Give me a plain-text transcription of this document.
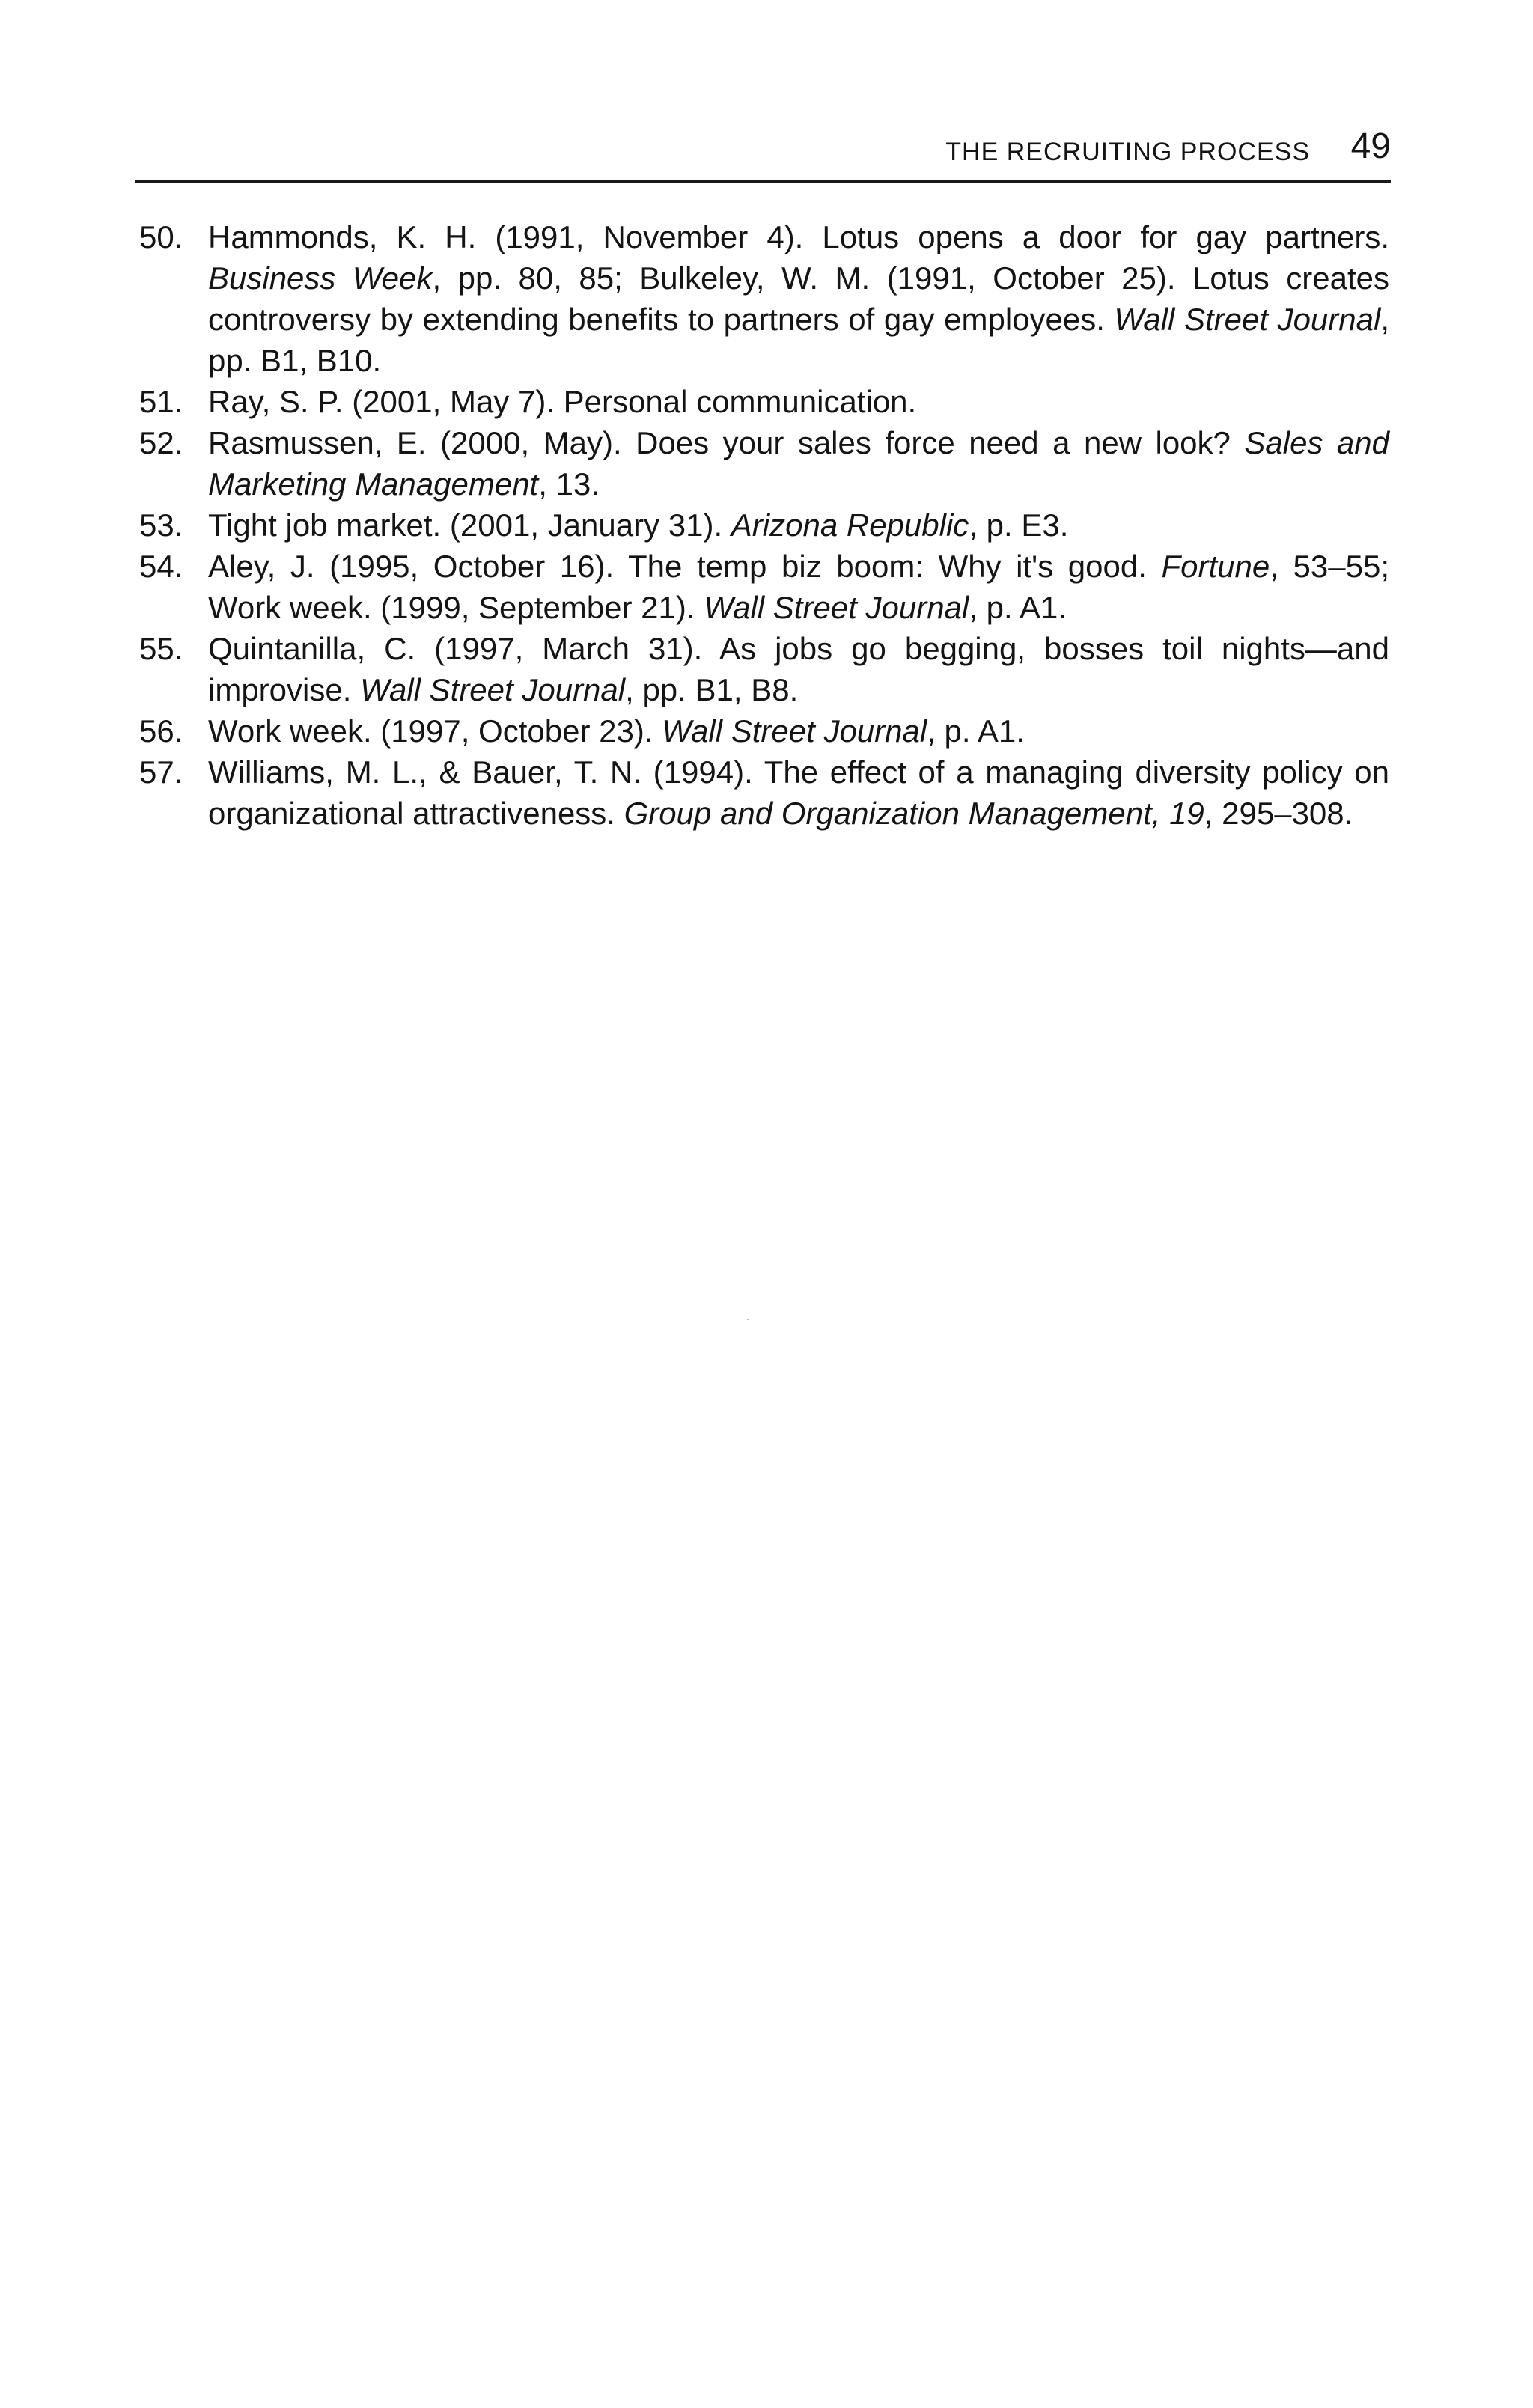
THE RECRUITING PROCESS 49
50. Hammonds, K. H. (1991, November 4). Lotus opens a door for gay partners. Business Week, pp. 80, 85; Bulkeley, W. M. (1991, October 25). Lotus creates controversy by extending benefits to partners of gay employees. Wall Street Journal, pp. B1, B10.
51. Ray, S. P. (2001, May 7). Personal communication.
52. Rasmussen, E. (2000, May). Does your sales force need a new look? Sales and Marketing Management, 13.
53. Tight job market. (2001, January 31). Arizona Republic, p. E3.
54. Aley, J. (1995, October 16). The temp biz boom: Why it's good. Fortune, 53–55; Work week. (1999, September 21). Wall Street Journal, p. A1.
55. Quintanilla, C. (1997, March 31). As jobs go begging, bosses toil nights—and improvise. Wall Street Journal, pp. B1, B8.
56. Work week. (1997, October 23). Wall Street Journal, p. A1.
57. Williams, M. L., & Bauer, T. N. (1994). The effect of a managing diversity policy on organizational attractiveness. Group and Organization Management, 19, 295–308.
